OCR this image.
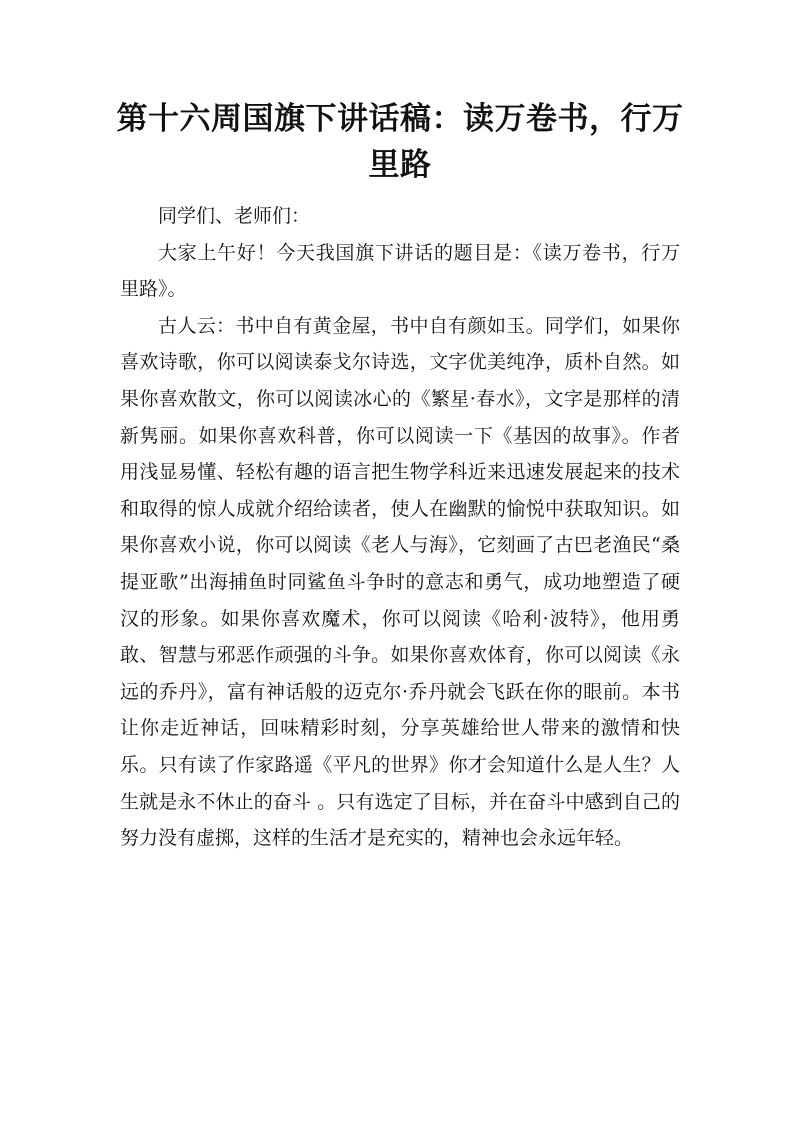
第十六周国旗下讲话稿：读万卷书，行万里路

同学们、老师们：

大家上午好！今天我国旗下讲话的题目是：《读万卷书，行万里路》。

古人云：书中自有黄金屋，书中自有颜如玉。同学们，如果你喜欢诗歌，你可以阅读泰戈尔诗选，文字优美纯净，质朴自然。如果你喜欢散文，你可以阅读冰心的《繁星·春水》，文字是那样的清新隽丽。如果你喜欢科普，你可以阅读一下《基因的故事》。作者用浅显易懂、轻松有趣的语言把生物学科近来迅速发展起来的技术和取得的惊人成就介绍给读者，使人在幽默的愉悦中获取知识。如果你喜欢小说，你可以阅读《老人与海》，它刻画了古巴老渔民“桑提亚歌”出海捕鱼时同鲨鱼斗争时的意志和勇气，成功地塑造了硬汉的形象。如果你喜欢魔术，你可以阅读《哈利·波特》，他用勇敢、智慧与邪恶作顽强的斗争。如果你喜欢体育，你可以阅读《永远的乔丹》，富有神话般的迈克尔·乔丹就会飞跃在你的眼前。本书让你走近神话，回味精彩时刻，分享英雄给世人带来的激情和快乐。只有读了作家路遥《平凡的世界》你才会知道什么是人生？人生就是永不休止的奋斗 。只有选定了目标，并在奋斗中感到自己的努力没有虚掷，这样的生活才是充实的，精神也会永远年轻。
